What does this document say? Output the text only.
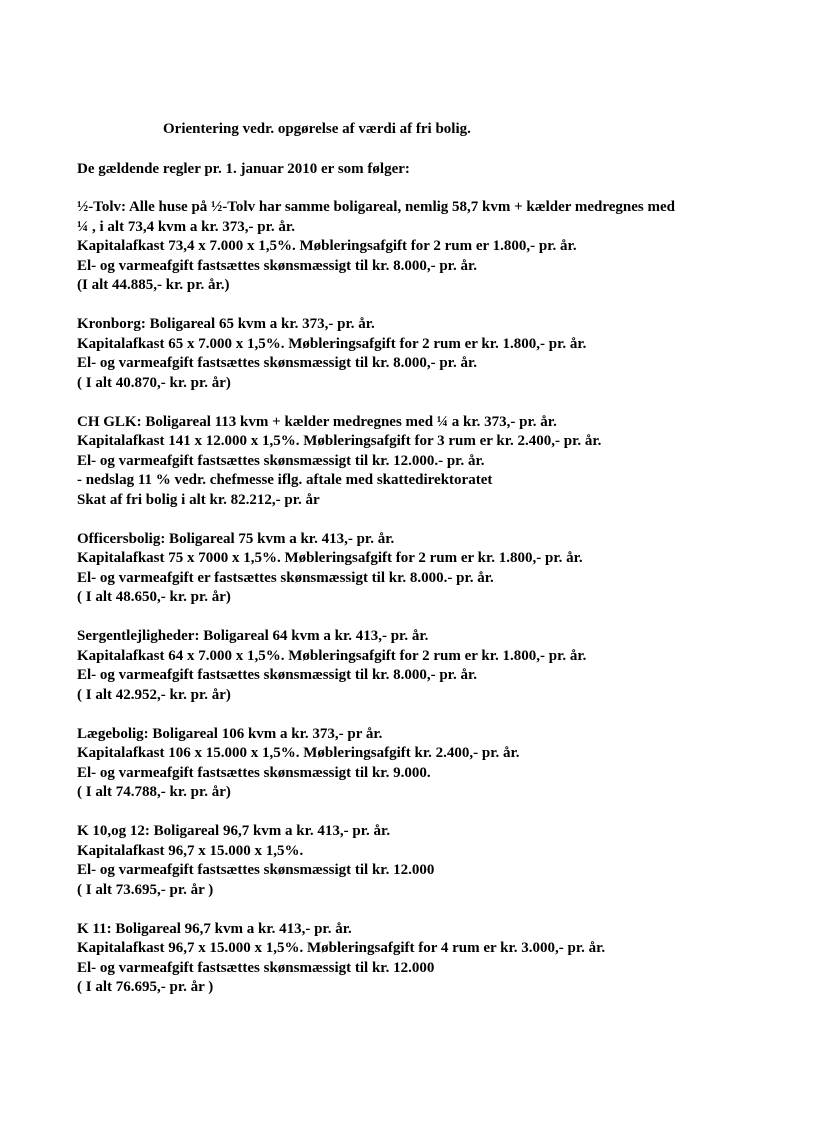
Orientering vedr. opgørelse af værdi af fri bolig.
De gældende regler pr. 1. januar 2010 er som følger:
½-Tolv: Alle huse på ½-Tolv har samme boligareal, nemlig 58,7 kvm + kælder medregnes med
¼ , i alt 73,4 kvm a kr. 373,- pr. år.
Kapitalafkast 73,4 x 7.000 x 1,5%. Møbleringsafgift for 2 rum er 1.800,- pr. år.
El- og varmeafgift fastsættes skønsmæssigt til kr. 8.000,- pr. år.
(I alt 44.885,- kr. pr. år.)
Kronborg: Boligareal 65 kvm a kr. 373,- pr. år.
Kapitalafkast 65 x 7.000 x 1,5%. Møbleringsafgift for 2 rum er kr. 1.800,- pr. år.
El- og varmeafgift fastsættes skønsmæssigt til kr. 8.000,- pr. år.
( I alt 40.870,- kr. pr. år)
CH GLK: Boligareal 113 kvm + kælder medregnes med ¼ a kr. 373,- pr. år.
Kapitalafkast 141 x 12.000 x 1,5%. Møbleringsafgift for 3 rum er kr. 2.400,- pr. år.
El- og varmeafgift fastsættes skønsmæssigt til kr. 12.000.- pr. år.
- nedslag 11 % vedr. chefmesse iflg. aftale med skattedirektoratet
Skat af fri bolig i alt kr. 82.212,- pr. år
Officersbolig: Boligareal 75 kvm a kr. 413,- pr. år.
Kapitalafkast 75 x 7000 x 1,5%. Møbleringsafgift for 2 rum er kr. 1.800,- pr. år.
El- og varmeafgift er fastsættes skønsmæssigt til kr. 8.000.- pr. år.
( I alt 48.650,- kr. pr. år)
Sergentlejligheder: Boligareal 64 kvm a kr. 413,- pr. år.
Kapitalafkast 64 x 7.000 x 1,5%. Møbleringsafgift for 2 rum er kr. 1.800,- pr. år.
El- og varmeafgift fastsættes skønsmæssigt til kr. 8.000,- pr. år.
( I alt 42.952,- kr. pr. år)
Lægebolig: Boligareal 106 kvm a kr. 373,- pr år.
Kapitalafkast 106 x 15.000 x 1,5%. Møbleringsafgift kr. 2.400,- pr. år.
El- og varmeafgift fastsættes skønsmæssigt til kr. 9.000.
( I alt 74.788,- kr. pr. år)
K 10,og 12: Boligareal 96,7 kvm a kr. 413,- pr. år.
Kapitalafkast 96,7 x 15.000 x 1,5%.
El- og varmeafgift fastsættes skønsmæssigt til kr. 12.000
( I alt 73.695,- pr. år )
K 11: Boligareal 96,7 kvm a kr. 413,- pr. år.
Kapitalafkast 96,7 x 15.000 x 1,5%. Møbleringsafgift for 4 rum er kr. 3.000,- pr. år.
El- og varmeafgift fastsættes skønsmæssigt til kr. 12.000
( I alt 76.695,- pr. år )
